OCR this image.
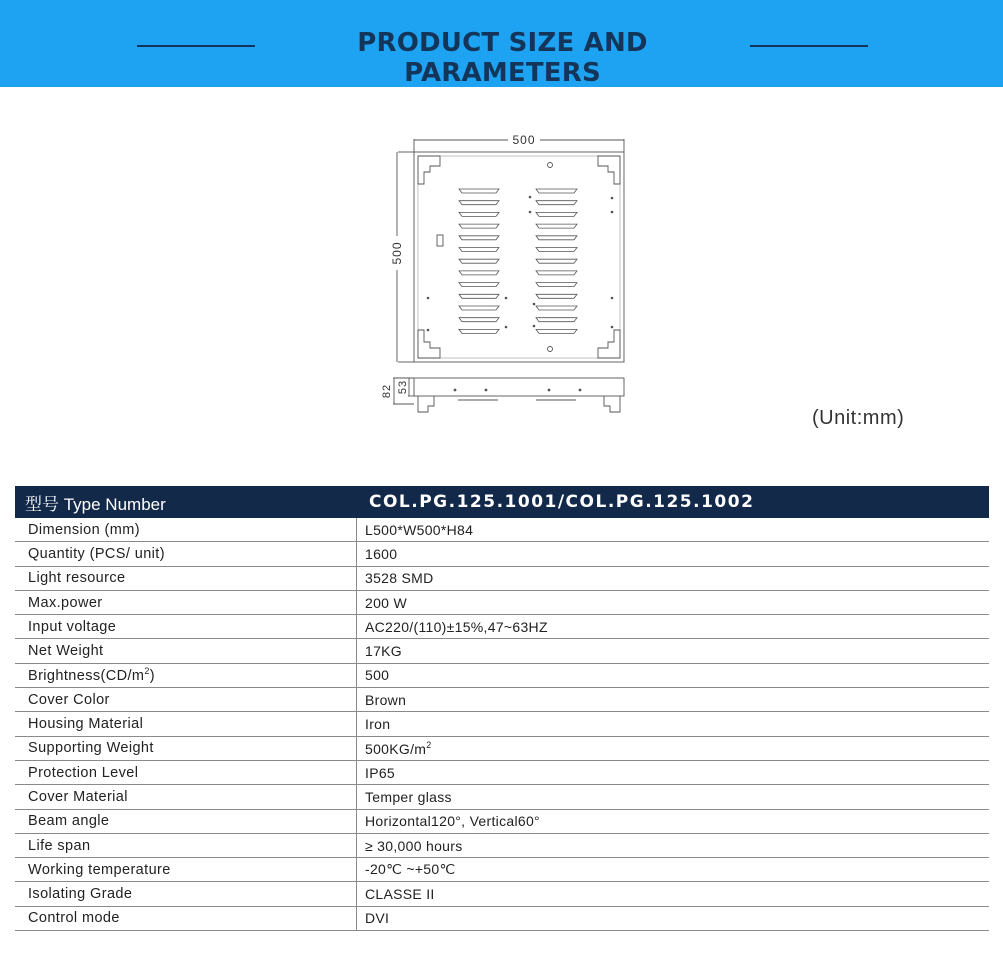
PRODUCT SIZE AND PARAMETERS
500
500
82 53
(Unit:mm)
型号 Type Number	COL.PG.125.1001/COL.PG.125.1002
Dimension (mm)	L500*W500*H84
Quantity (PCS/ unit)	1600
Light resource	3528 SMD
Max.power	200 W
Input voltage	AC220/(110)±15%,47~63HZ
Net Weight	17KG
$Brightness(CD/m^2)$	500
Cover Color	Brown
Housing Material	Iron
Supporting Weight	$500KG/m^2$
Protection Level	IP65
Cover Material	Temper glass
Beam angle	Horizontal120°, Vertical60°
Life span	≥ 30,000 hours
Working temperature	-20℃ ~+50℃
Isolating Grade	CLASSE II
Control mode	DVI
